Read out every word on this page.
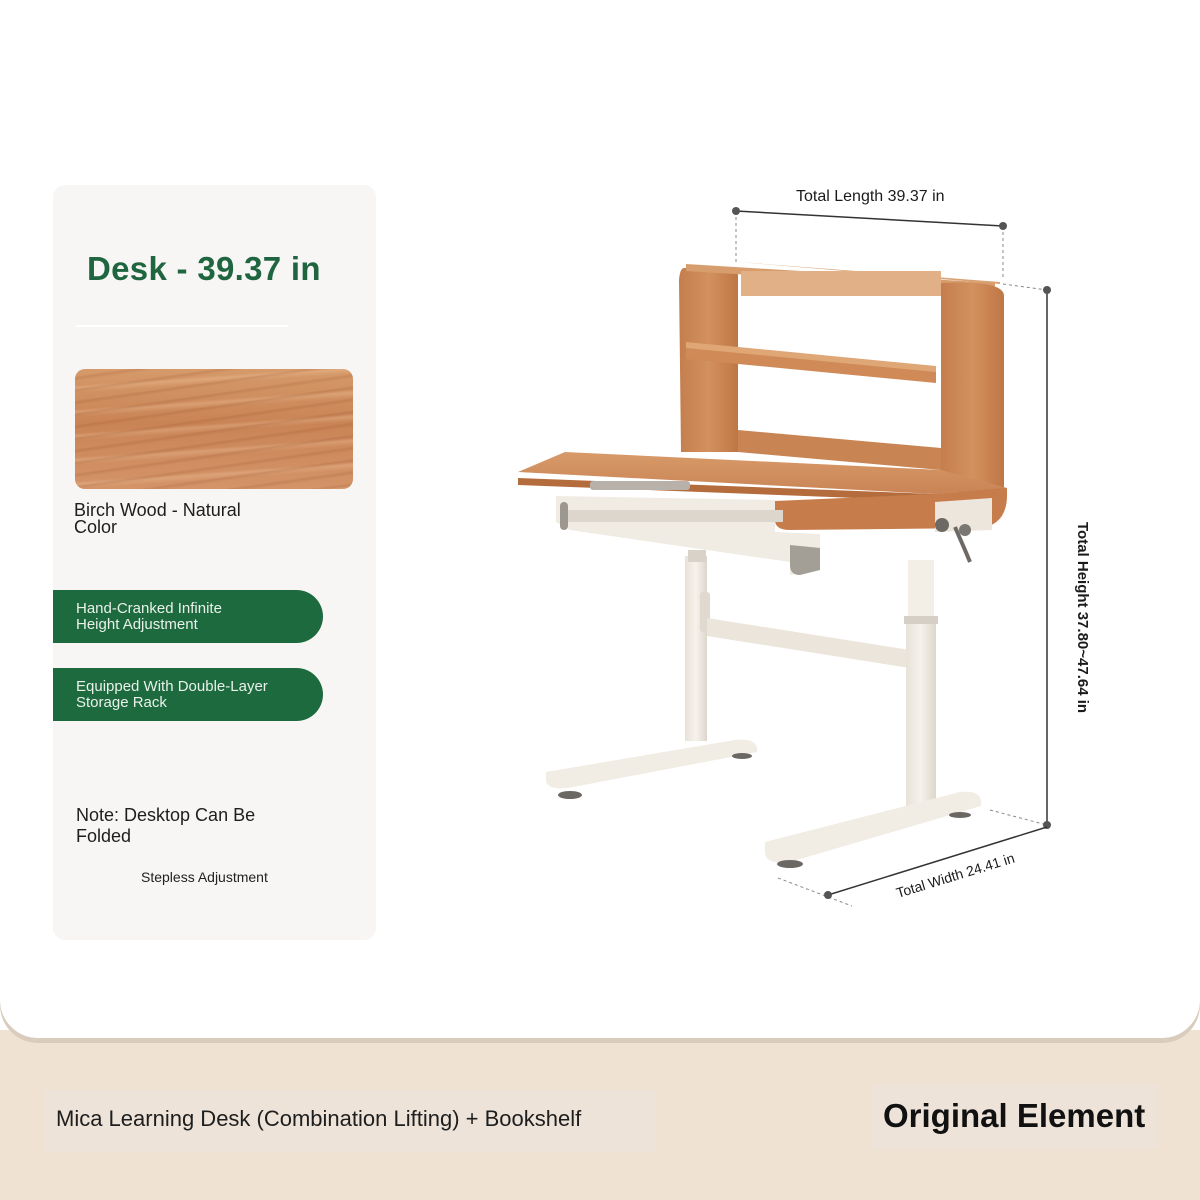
Desk - 39.37 in
Birch Wood - Natural Color
Hand-Cranked Infinite Height Adjustment
Equipped With Double-Layer Storage Rack
Note: Desktop Can Be Folded
Stepless Adjustment
Total Length 39.37 in
Total Height 37.80~47.64 in
Total Width 24.41 in
Mica Learning Desk (Combination Lifting) + Bookshelf	Original Element
